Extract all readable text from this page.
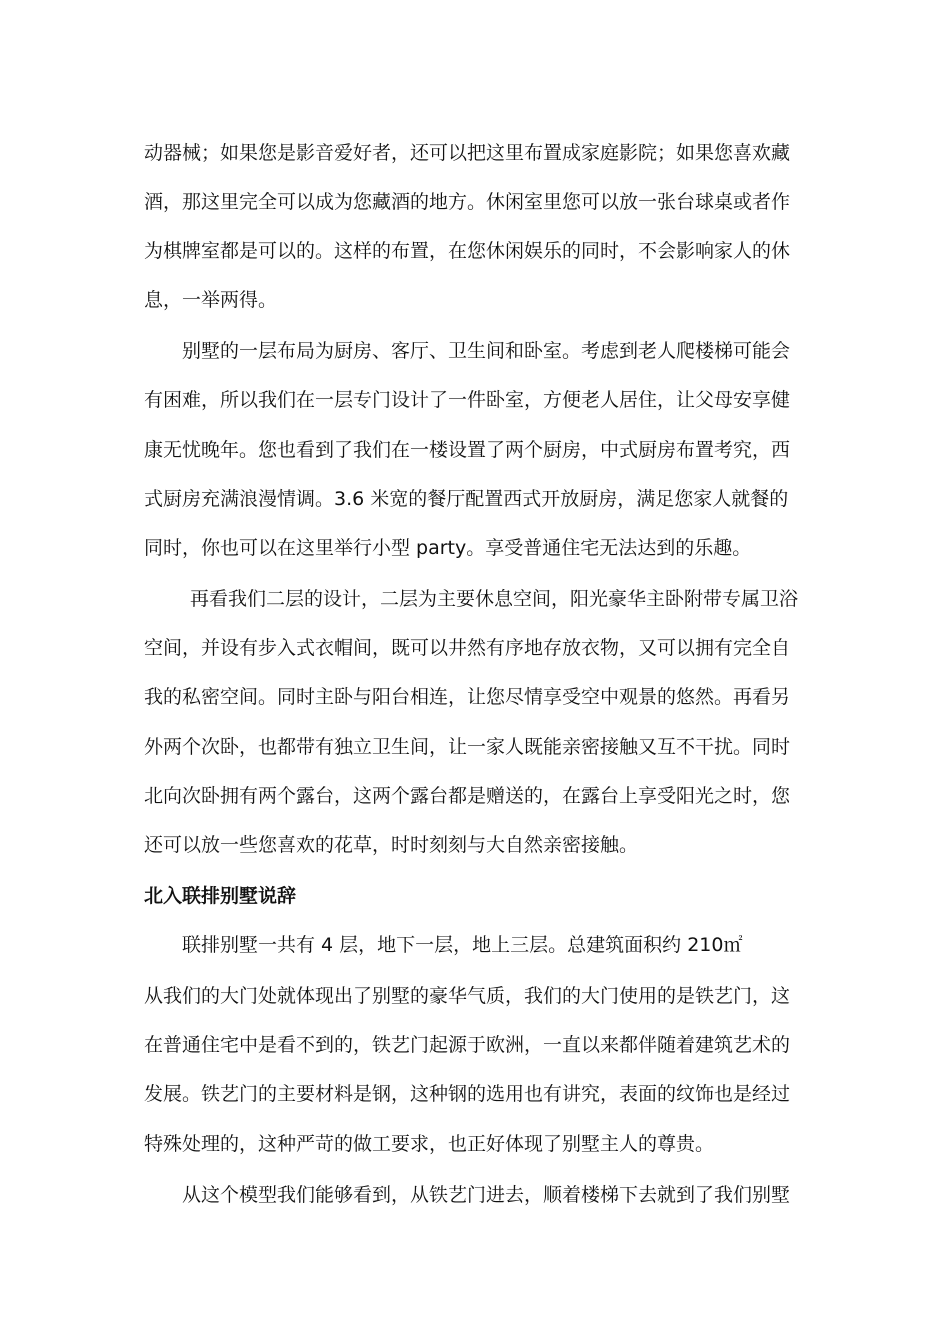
动器械；如果您是影音爱好者，还可以把这里布置成家庭影院；如果您喜欢藏
酒，那这里完全可以成为您藏酒的地方。休闲室里您可以放一张台球桌或者作
为棋牌室都是可以的。这样的布置，在您休闲娱乐的同时，不会影响家人的休
息，一举两得。
别墅的一层布局为厨房、客厅、卫生间和卧室。考虑到老人爬楼梯可能会
有困难，所以我们在一层专门设计了一件卧室，方便老人居住，让父母安享健
康无忧晚年。您也看到了我们在一楼设置了两个厨房，中式厨房布置考究，西
式厨房充满浪漫情调。3.6 米宽的餐厅配置西式开放厨房，满足您家人就餐的
同时，你也可以在这里举行小型 party。享受普通住宅无法达到的乐趣。
再看我们二层的设计，二层为主要休息空间，阳光豪华主卧附带专属卫浴
空间，并设有步入式衣帽间，既可以井然有序地存放衣物，又可以拥有完全自
我的私密空间。同时主卧与阳台相连，让您尽情享受空中观景的悠然。再看另
外两个次卧，也都带有独立卫生间，让一家人既能亲密接触又互不干扰。同时
北向次卧拥有两个露台，这两个露台都是赠送的，在露台上享受阳光之时，您
还可以放一些您喜欢的花草，时时刻刻与大自然亲密接触。
北入联排别墅说辞
联排别墅一共有 4 层，地下一层，地上三层。总建筑面积约 210㎡
从我们的大门处就体现出了别墅的豪华气质，我们的大门使用的是铁艺门，这
在普通住宅中是看不到的，铁艺门起源于欧洲，一直以来都伴随着建筑艺术的
发展。铁艺门的主要材料是钢，这种钢的选用也有讲究，表面的纹饰也是经过
特殊处理的，这种严苛的做工要求，也正好体现了别墅主人的尊贵。
从这个模型我们能够看到，从铁艺门进去，顺着楼梯下去就到了我们别墅
